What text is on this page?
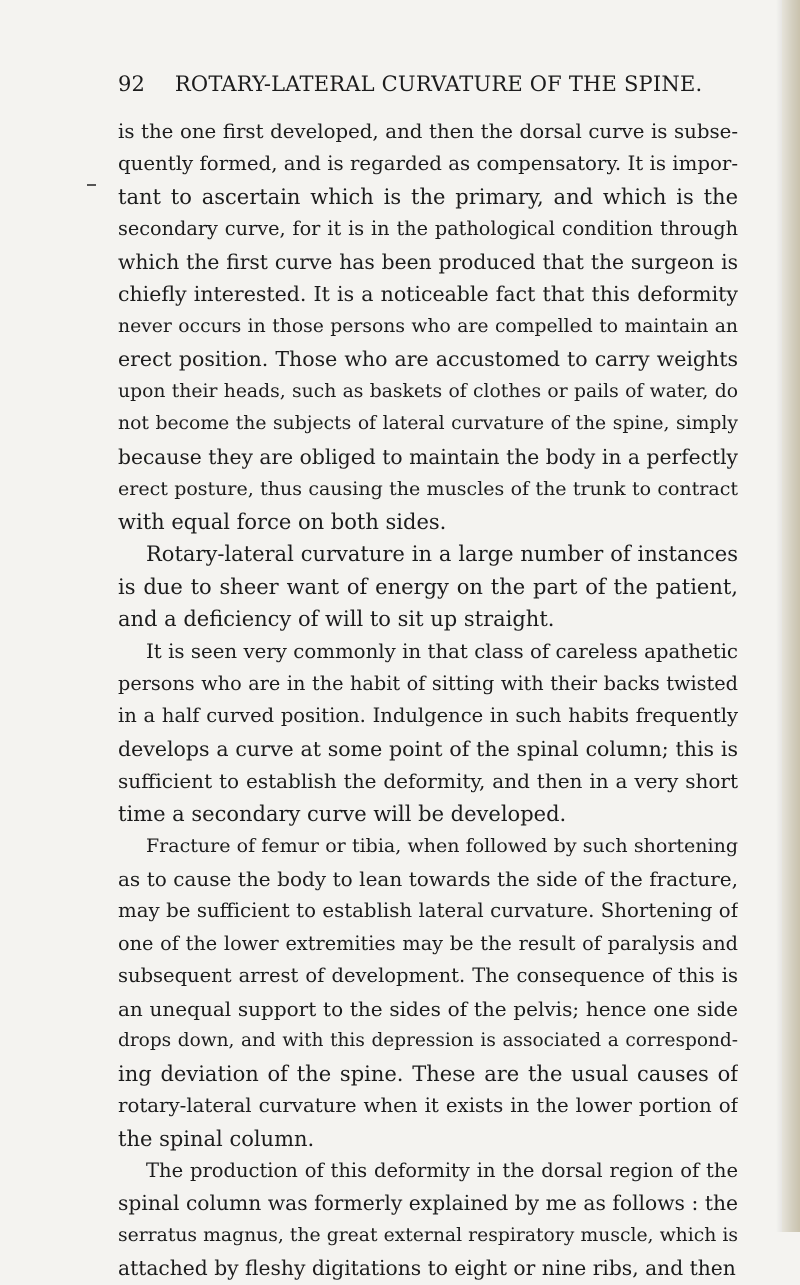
92 ROTARY-LATERAL CURVATURE OF THE SPINE.
is the one first developed, and then the dorsal curve is subse-
quently formed, and is regarded as compensatory. It is impor-
tant to ascertain which is the primary, and which is the
secondary curve, for it is in the pathological condition through
which the first curve has been produced that the surgeon is
chiefly interested. It is a noticeable fact that this deformity
never occurs in those persons who are compelled to maintain an
erect position. Those who are accustomed to carry weights
upon their heads, such as baskets of clothes or pails of water, do
not become the subjects of lateral curvature of the spine, simply
because they are obliged to maintain the body in a perfectly
erect posture, thus causing the muscles of the trunk to contract
with equal force on both sides.
Rotary-lateral curvature in a large number of instances
is due to sheer want of energy on the part of the patient,
and a deficiency of will to sit up straight.
It is seen very commonly in that class of careless apathetic
persons who are in the habit of sitting with their backs twisted
in a half curved position. Indulgence in such habits frequently
develops a curve at some point of the spinal column; this is
sufficient to establish the deformity, and then in a very short
time a secondary curve will be developed.
Fracture of femur or tibia, when followed by such shortening
as to cause the body to lean towards the side of the fracture,
may be sufficient to establish lateral curvature. Shortening of
one of the lower extremities may be the result of paralysis and
subsequent arrest of development. The consequence of this is
an unequal support to the sides of the pelvis; hence one side
drops down, and with this depression is associated a correspond-
ing deviation of the spine. These are the usual causes of
rotary-lateral curvature when it exists in the lower portion of
the spinal column.
The production of this deformity in the dorsal region of the
spinal column was formerly explained by me as follows : the
serratus magnus, the great external respiratory muscle, which is
attached by fleshy digitations to eight or nine ribs, and then
